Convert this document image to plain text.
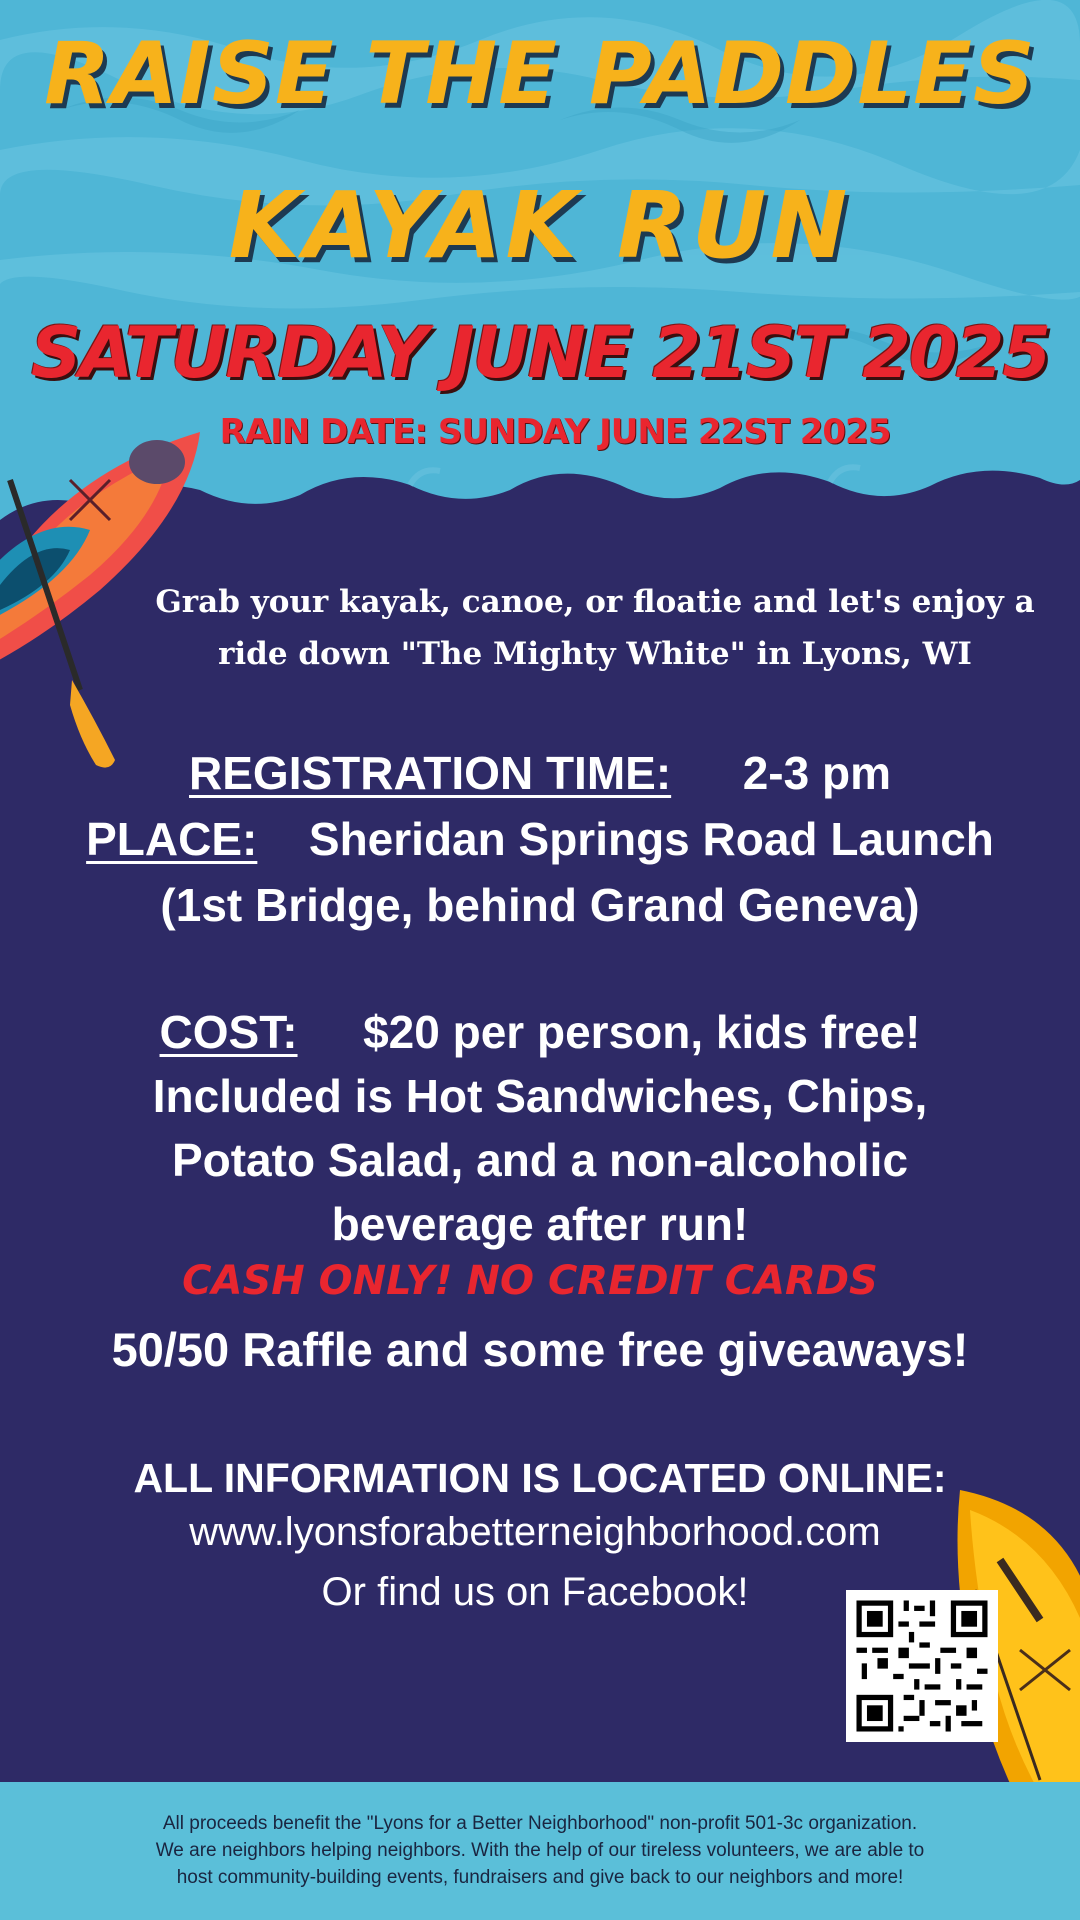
RAISE THE PADDLES
KAYAK RUN
SATURDAY JUNE 21ST 2025
RAIN DATE: SUNDAY JUNE 22ST 2025
Grab your kayak, canoe, or floatie and let's enjoy a
ride down "The Mighty White" in Lyons, WI
REGISTRATION TIME: 2-3 pm
PLACE: Sheridan Springs Road Launch
(1st Bridge, behind Grand Geneva)
COST: $20 per person, kids free!
Included is Hot Sandwiches, Chips,
Potato Salad, and a non-alcoholic
beverage after run!
CASH ONLY! NO CREDIT CARDS
50/50 Raffle and some free giveaways!
ALL INFORMATION IS LOCATED ONLINE:
www.lyonsforabetterneighborhood.com
Or find us on Facebook!
All proceeds benefit the "Lyons for a Better Neighborhood" non-profit 501-3c organization.
We are neighbors helping neighbors. With the help of our tireless volunteers, we are able to
host community-building events, fundraisers and give back to our neighbors and more!
